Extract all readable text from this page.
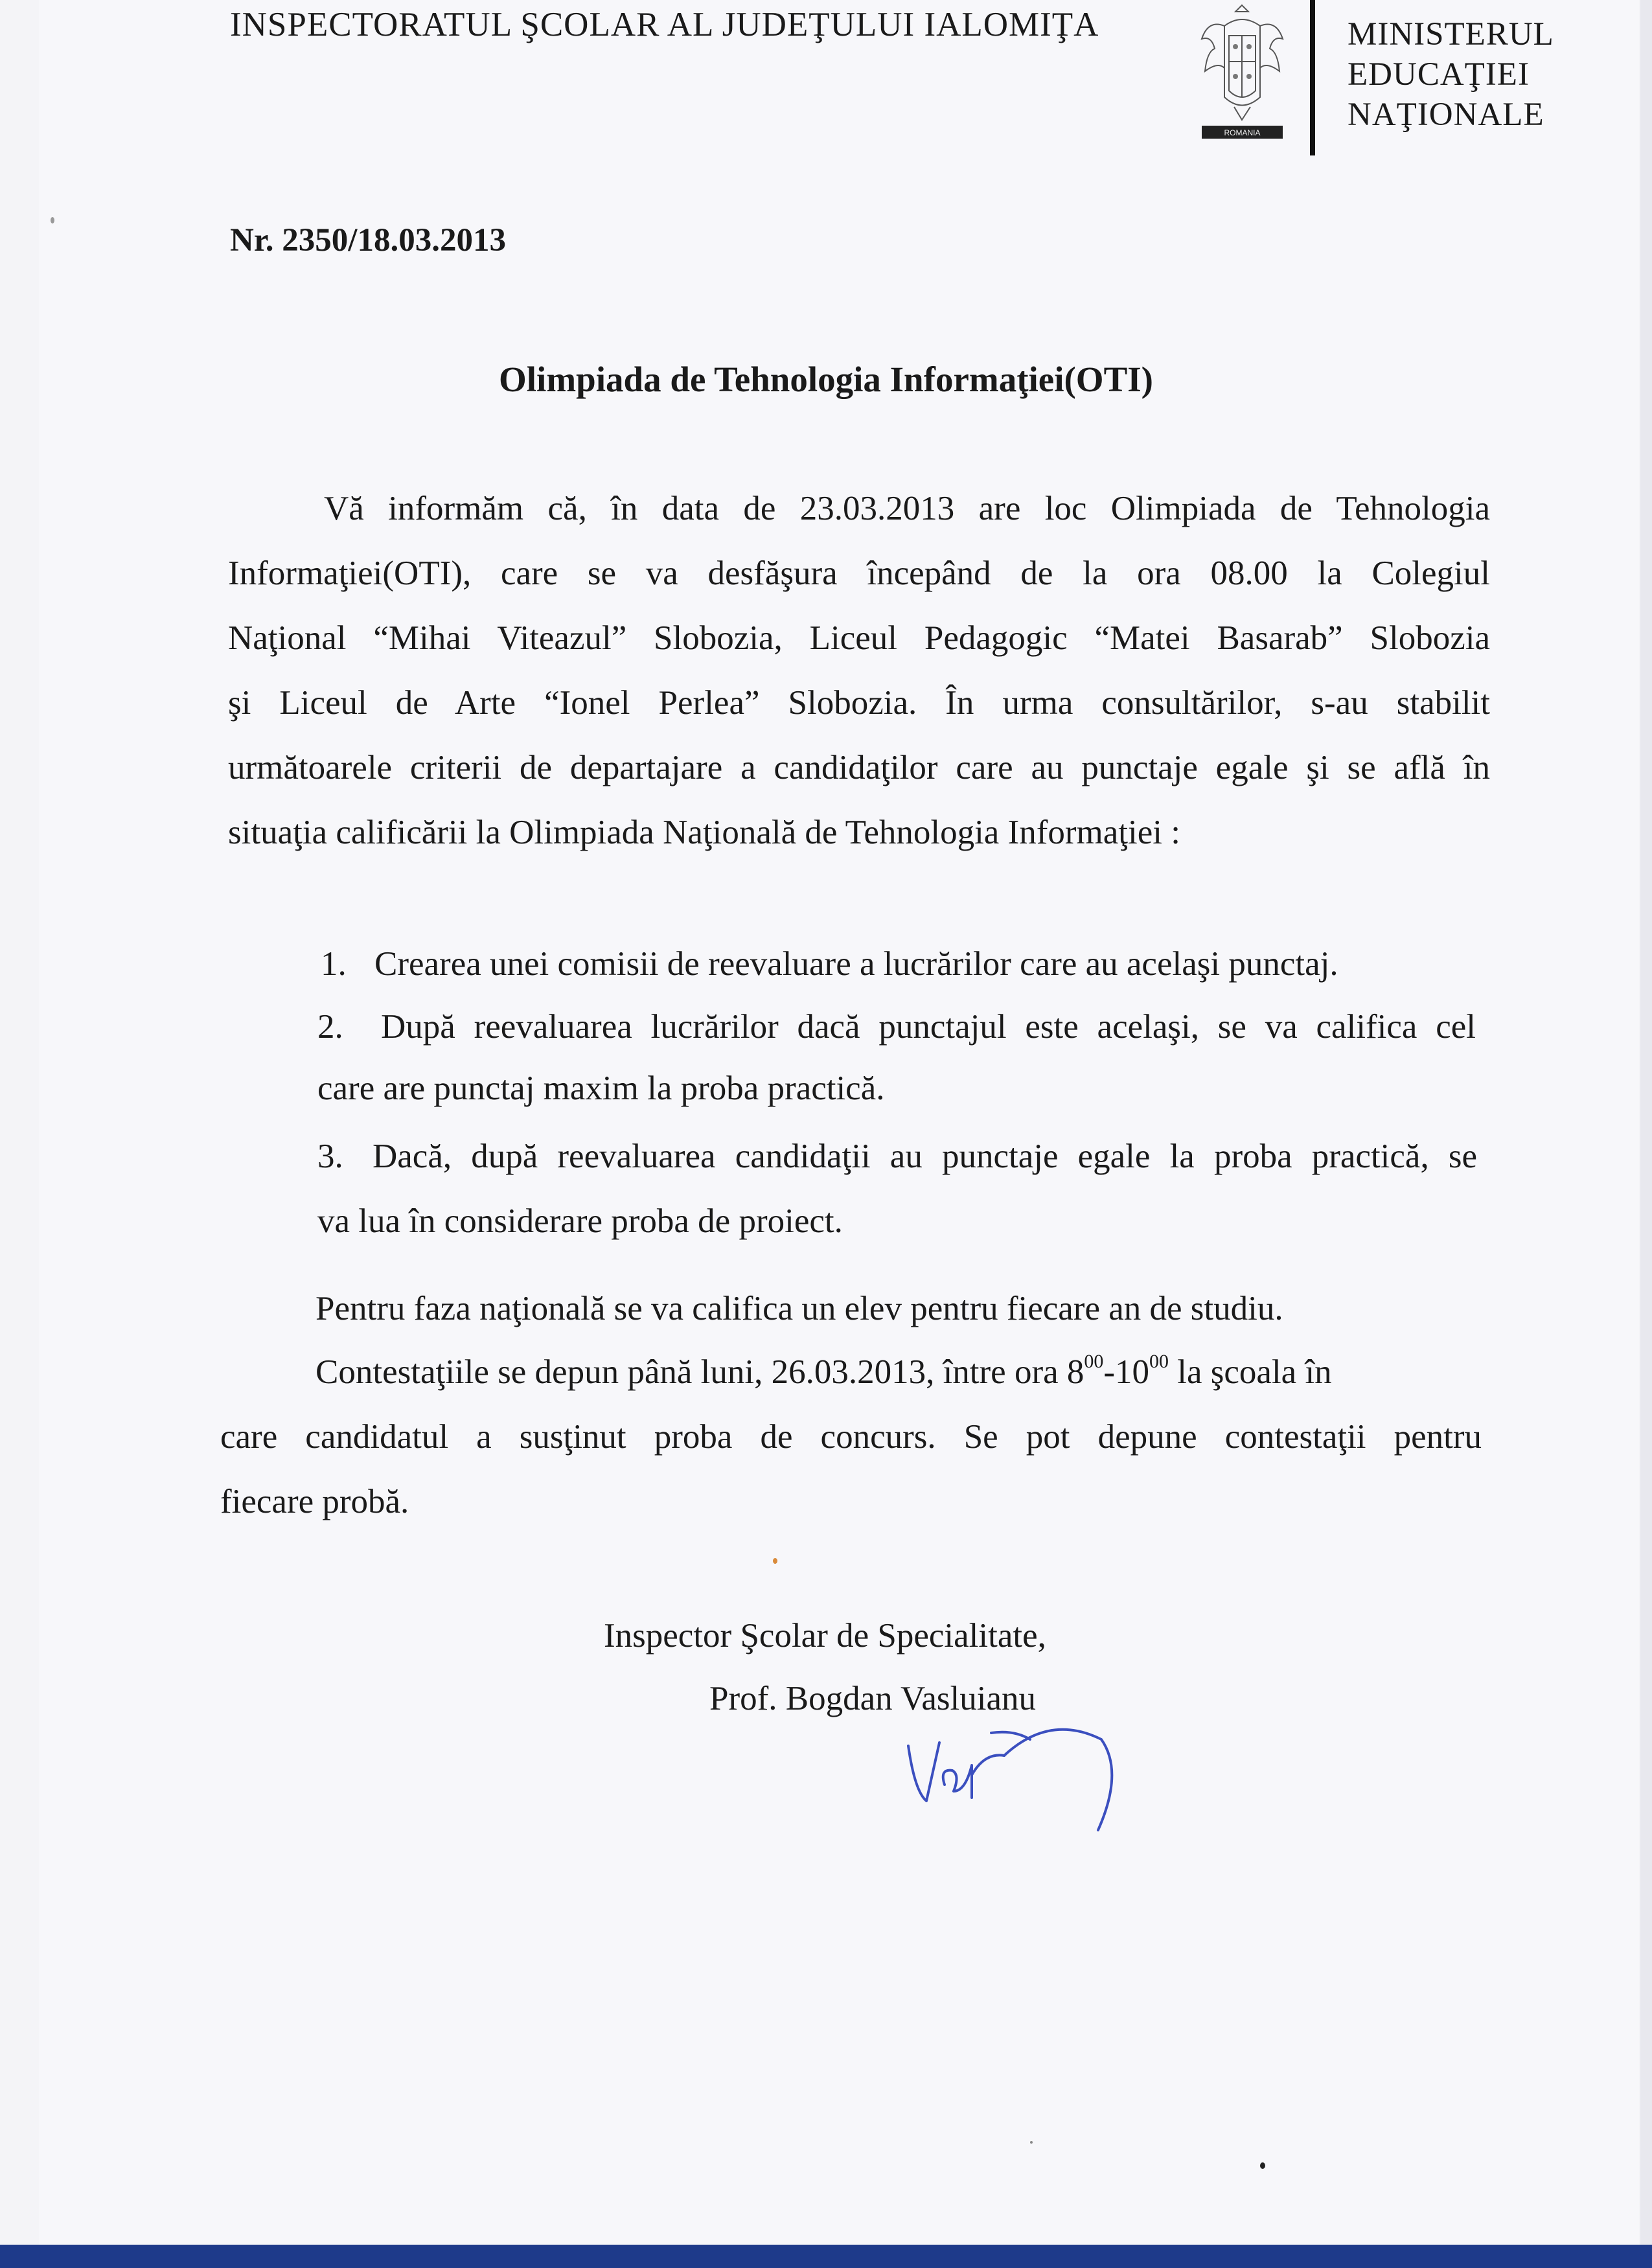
INSPECTORATUL ŞCOLAR AL JUDEŢULUI IALOMIŢA
ROMANIA
MINISTERUL
EDUCAŢIEI
NAŢIONALE
Nr. 2350/18.03.2013
Olimpiada de Tehnologia Informaţiei(OTI)
Vă informăm că, în data de 23.03.2013 are loc Olimpiada de Tehnologia
Informaţiei(OTI), care se va desfăşura începând de la ora 08.00 la Colegiul
Naţional “Mihai Viteazul” Slobozia, Liceul Pedagogic “Matei Basarab” Slobozia
şi Liceul de Arte “Ionel Perlea” Slobozia. În urma consultărilor, s-au stabilit
următoarele criterii de departajare a candidaţilor care au punctaje egale şi se află în
situaţia calificării la Olimpiada Naţională de Tehnologia Informaţiei :
1. Crearea unei comisii de reevaluare a lucrărilor care au acelaşi punctaj.
2. După reevaluarea lucrărilor dacă punctajul este acelaşi, se va califica cel
care are punctaj maxim la proba practică.
3. Dacă, după reevaluarea candidaţii au punctaje egale la proba practică, se
va lua în considerare proba de proiect.
Pentru faza naţională se va califica un elev pentru fiecare an de studiu.
Contestaţiile se depun până luni, 26.03.2013, între ora $8^{00}-10^{00}$ la şcoala în
care candidatul a susţinut proba de concurs. Se pot depune contestaţii pentru
fiecare probă.
Inspector Şcolar de Specialitate,
Prof. Bogdan Vasluianu
